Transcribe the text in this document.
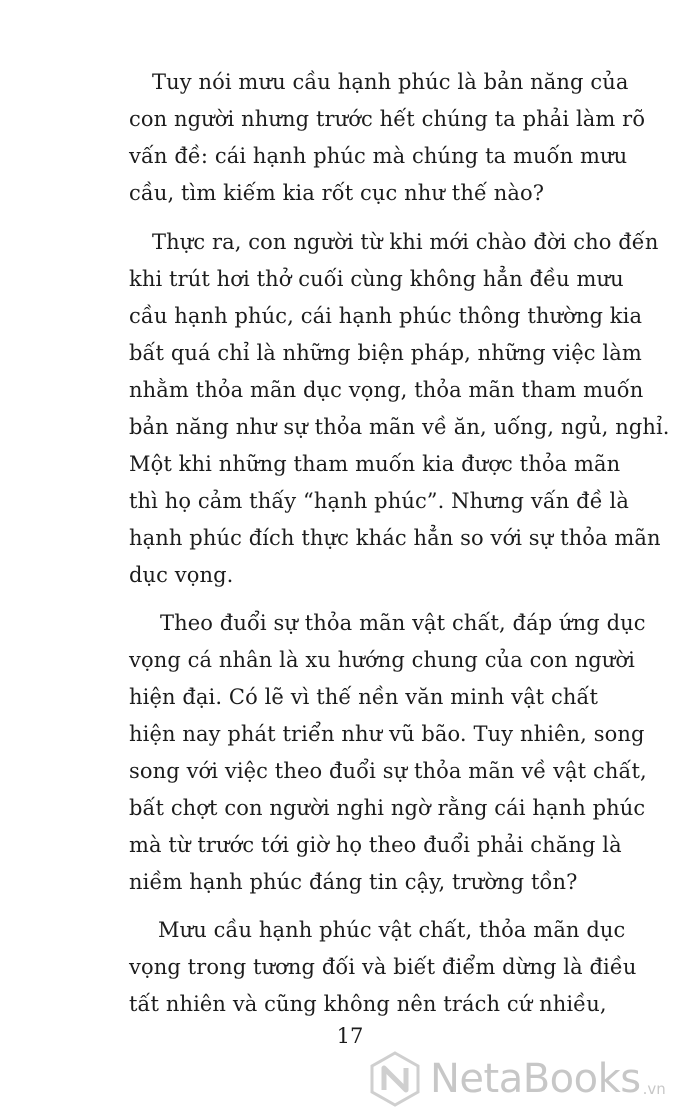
Tuy nói mưu cầu hạnh phúc là bản năng của
con người nhưng trước hết chúng ta phải làm rõ
vấn đề: cái hạnh phúc mà chúng ta muốn mưu
cầu, tìm kiếm kia rốt cục như thế nào?
Thực ra, con người từ khi mới chào đời cho đến
khi trút hơi thở cuối cùng không hẳn đều mưu
cầu hạnh phúc, cái hạnh phúc thông thường kia
bất quá chỉ là những biện pháp, những việc làm
nhằm thỏa mãn dục vọng, thỏa mãn tham muốn
bản năng như sự thỏa mãn về ăn, uống, ngủ, nghỉ.
Một khi những tham muốn kia được thỏa mãn
thì họ cảm thấy “hạnh phúc”. Nhưng vấn đề là
hạnh phúc đích thực khác hẳn so với sự thỏa mãn
dục vọng.
Theo đuổi sự thỏa mãn vật chất, đáp ứng dục
vọng cá nhân là xu hướng chung của con người
hiện đại. Có lẽ vì thế nền văn minh vật chất
hiện nay phát triển như vũ bão. Tuy nhiên, song
song với việc theo đuổi sự thỏa mãn về vật chất,
bất chợt con người nghi ngờ rằng cái hạnh phúc
mà từ trước tới giờ họ theo đuổi phải chăng là
niềm hạnh phúc đáng tin cậy, trường tồn?
Mưu cầu hạnh phúc vật chất, thỏa mãn dục
vọng trong tương đối và biết điểm dừng là điều
tất nhiên và cũng không nên trách cứ nhiều,
17
NetaBooks .vn
